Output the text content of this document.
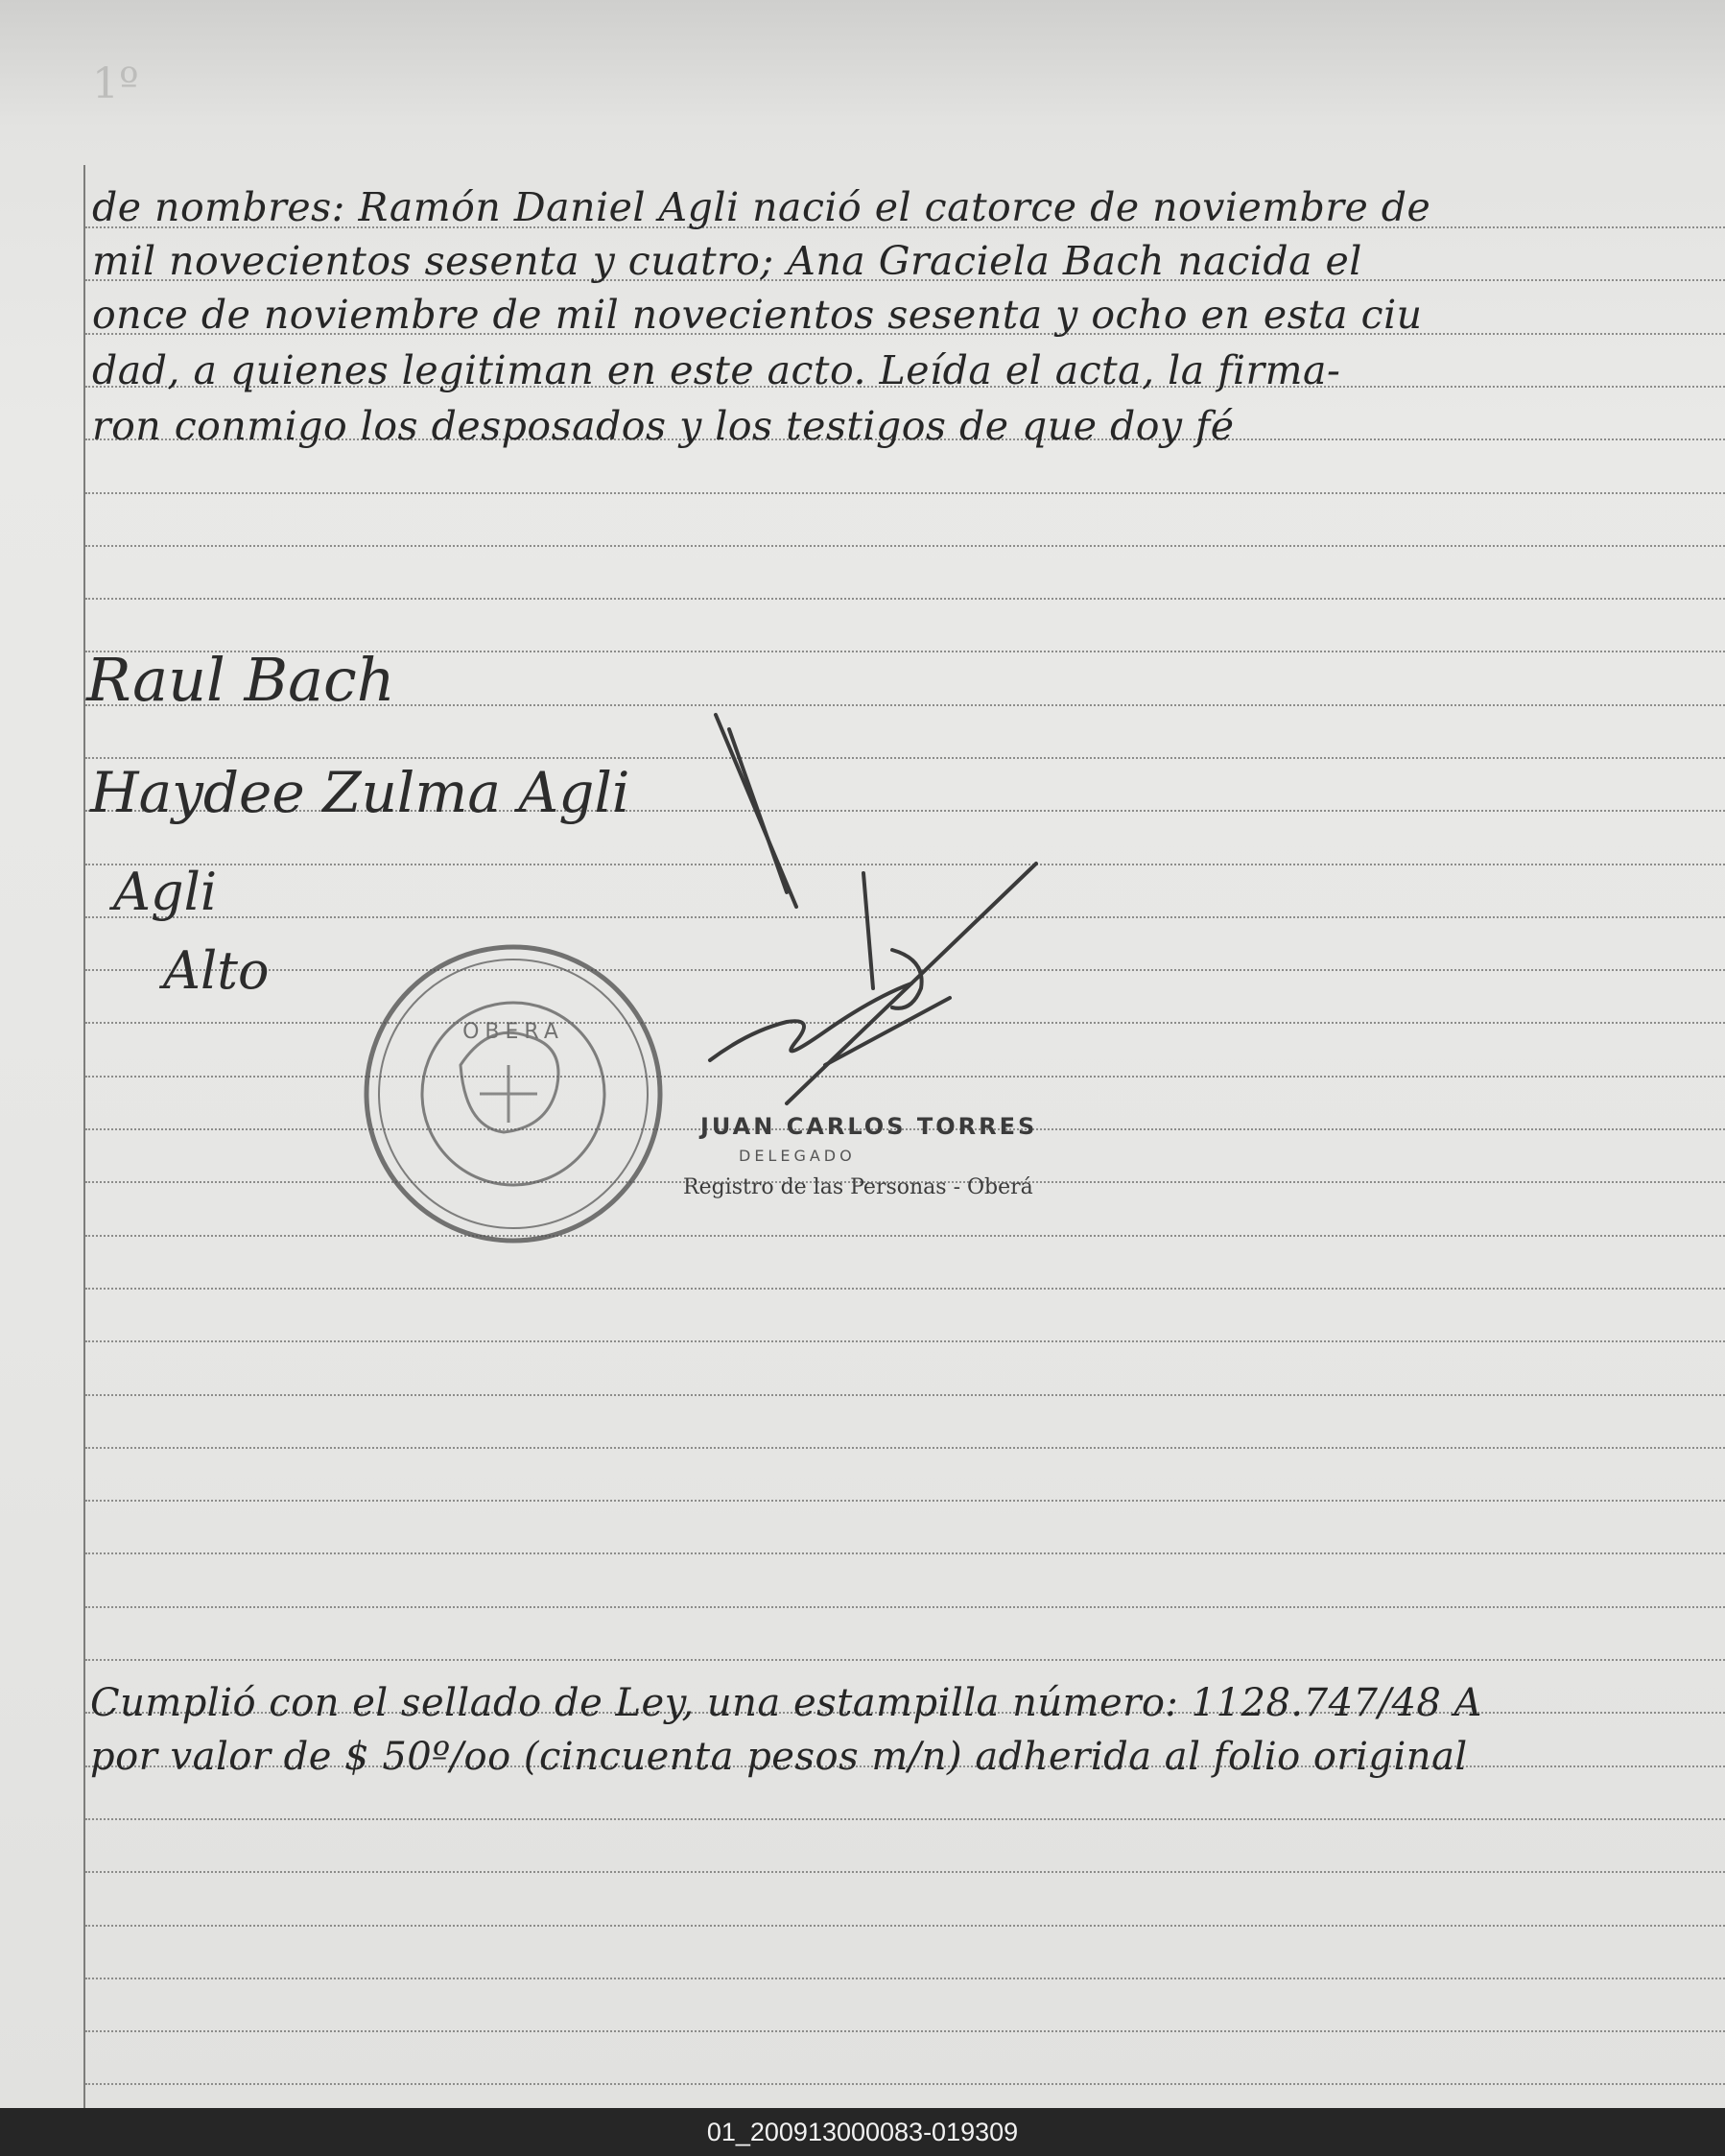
1º
de nombres: Ramón Daniel Agli nació el catorce de noviembre de
mil novecientos sesenta y cuatro; Ana Graciela Bach nacida el
once de noviembre de mil novecientos sesenta y ocho en esta ciu
dad, a quienes legitiman en este acto. Leída el acta, la firma-
ron conmigo los desposados y los testigos de que doy fé
Raul Bach
Haydee Zulma Agli
Agli
Alto
OBERA
JUAN CARLOS TORRES
DELEGADO
Registro de las Personas - Oberá
Cumplió con el sellado de Ley, una estampilla número: 1128.747/48 A
por valor de $ 50º/oo (cincuenta pesos m/n) adherida al folio original
01_200913000083-019309
